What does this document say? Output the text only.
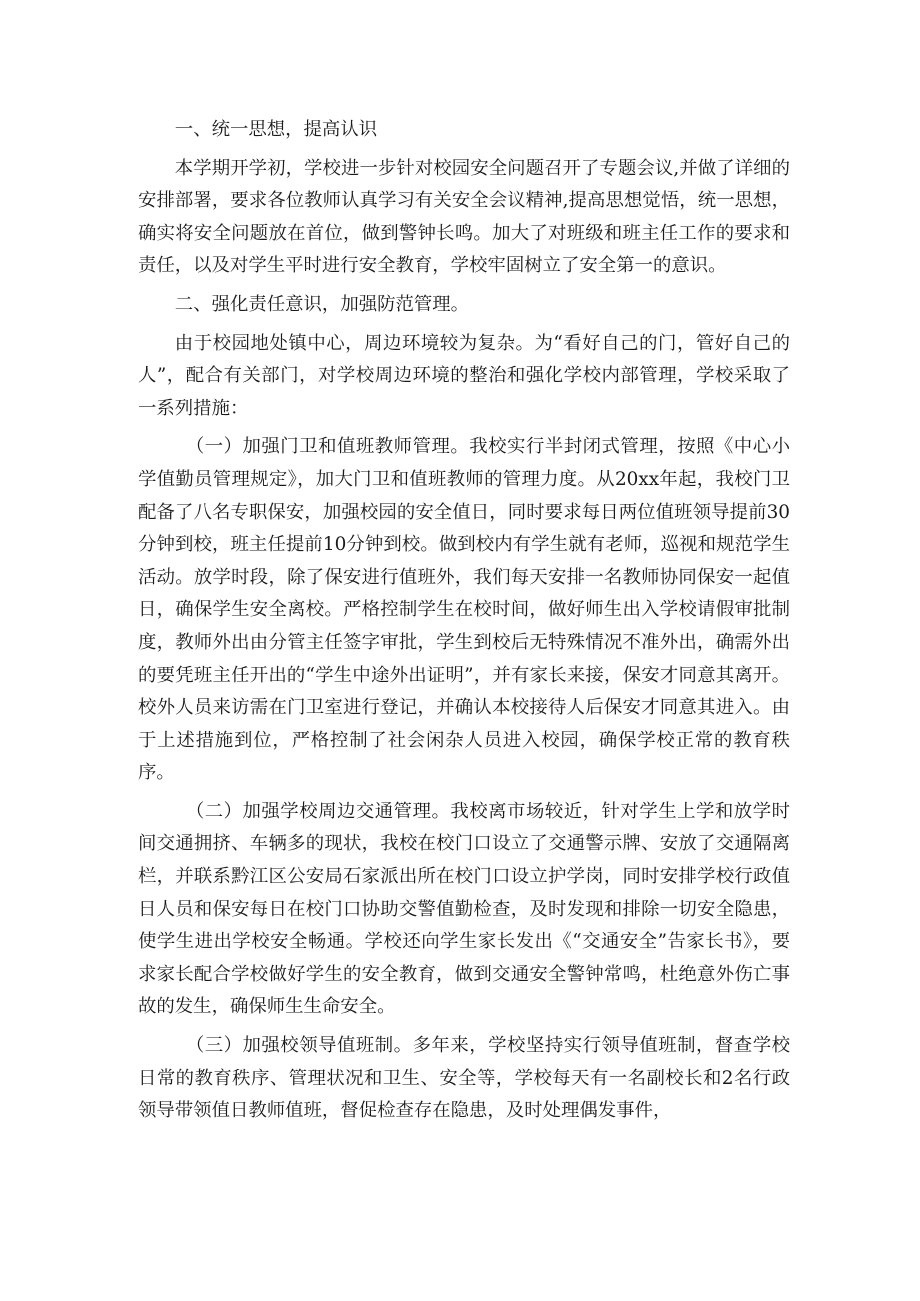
一、统一思想，提高认识

本学期开学初，学校进一步针对校园安全问题召开了专题会议,并做了详细的安排部署，要求各位教师认真学习有关安全会议精神,提高思想觉悟，统一思想，确实将安全问题放在首位，做到警钟长鸣。加大了对班级和班主任工作的要求和责任，以及对学生平时进行安全教育，学校牢固树立了安全第一的意识。

二、强化责任意识，加强防范管理。

由于校园地处镇中心，周边环境较为复杂。为“看好自己的门，管好自己的人”，配合有关部门，对学校周边环境的整治和强化学校内部管理，学校采取了一系列措施：

（一）加强门卫和值班教师管理。我校实行半封闭式管理，按照《中心小学值勤员管理规定》，加大门卫和值班教师的管理力度。从20xx年起，我校门卫配备了八名专职保安，加强校园的安全值日，同时要求每日两位值班领导提前30分钟到校，班主任提前10分钟到校。做到校内有学生就有老师，巡视和规范学生活动。放学时段，除了保安进行值班外，我们每天安排一名教师协同保安一起值日，确保学生安全离校。严格控制学生在校时间，做好师生出入学校请假审批制度，教师外出由分管主任签字审批，学生到校后无特殊情况不准外出，确需外出的要凭班主任开出的“学生中途外出证明”，并有家长来接，保安才同意其离开。校外人员来访需在门卫室进行登记，并确认本校接待人后保安才同意其进入。由于上述措施到位，严格控制了社会闲杂人员进入校园，确保学校正常的教育秩序。

（二）加强学校周边交通管理。我校离市场较近，针对学生上学和放学时间交通拥挤、车辆多的现状，我校在校门口设立了交通警示牌、安放了交通隔离栏，并联系黔江区公安局石家派出所在校门口设立护学岗，同时安排学校行政值日人员和保安每日在校门口协助交警值勤检查，及时发现和排除一切安全隐患，使学生进出学校安全畅通。学校还向学生家长发出《“交通安全”告家长书》，要求家长配合学校做好学生的安全教育，做到交通安全警钟常鸣，杜绝意外伤亡事故的发生，确保师生生命安全。

（三）加强校领导值班制。多年来，学校坚持实行领导值班制，督查学校日常的教育秩序、管理状况和卫生、安全等，学校每天有一名副校长和2名行政领导带领值日教师值班，督促检查存在隐患，及时处理偶发事件，
